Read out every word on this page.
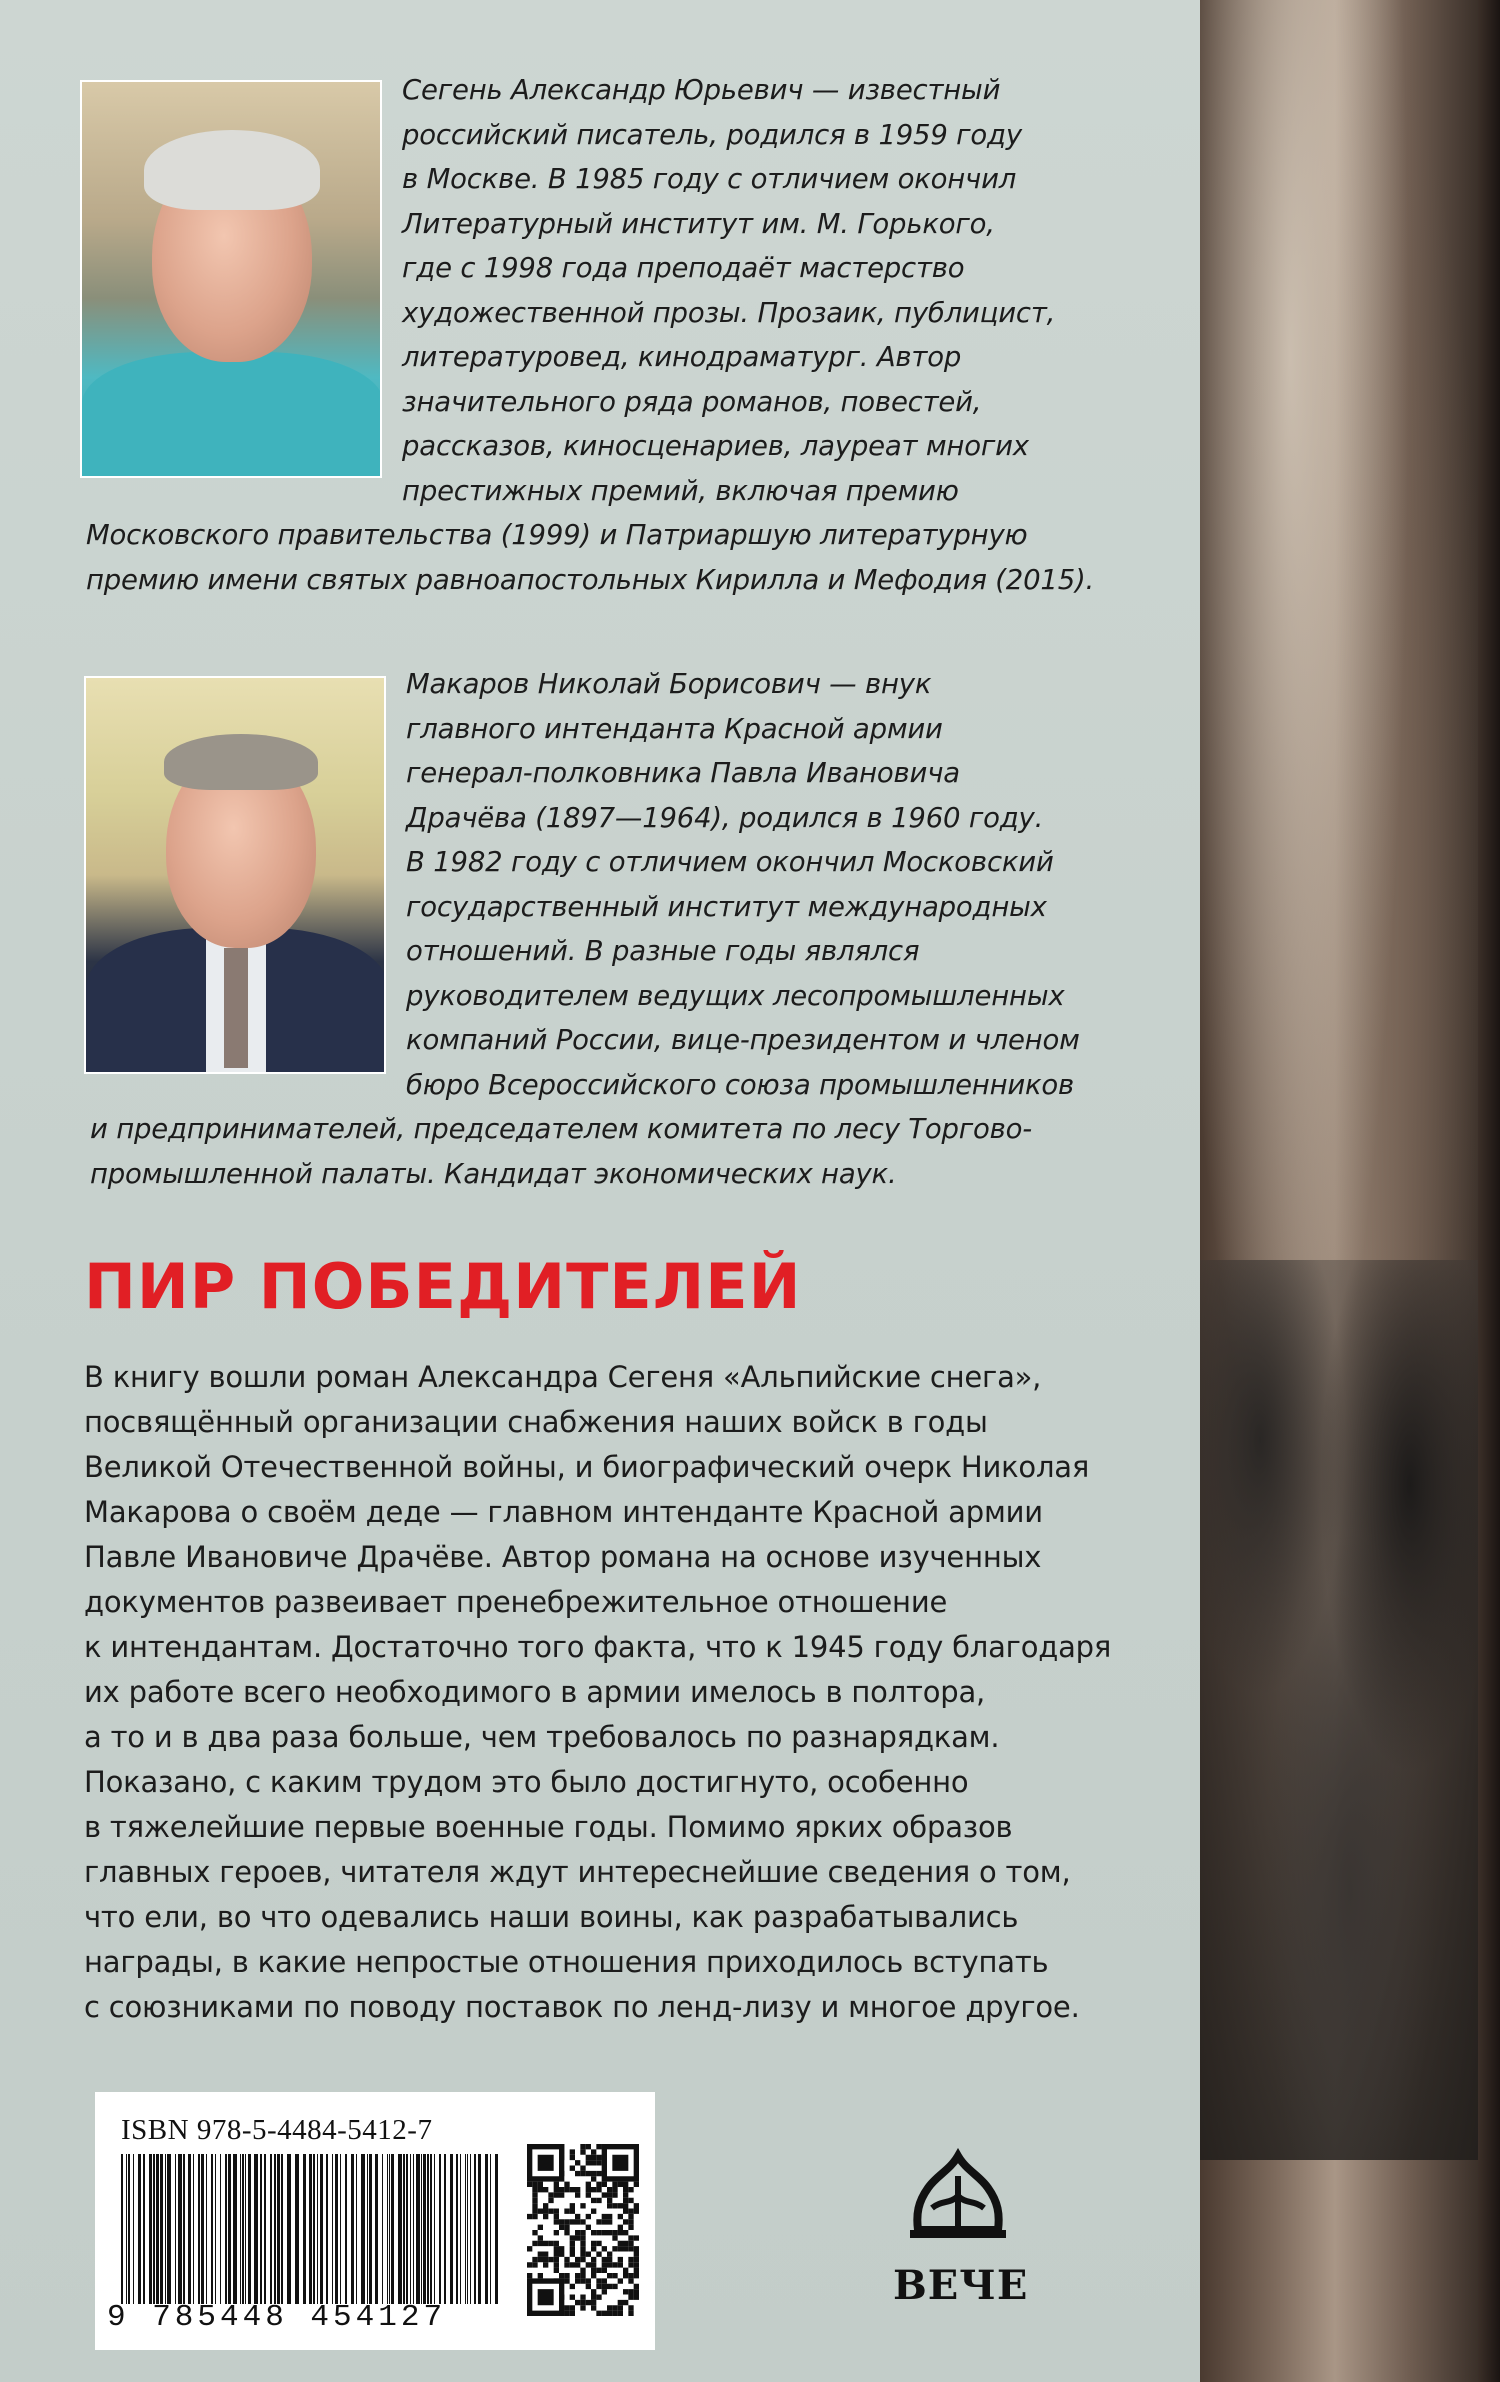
Сегень Александр Юрьевич — известный
российский писатель, родился в 1959 году
в Москве. В 1985 году с отличием окончил
Литературный институт им. М. Горького,
где с 1998 года преподаёт мастерство
художественной прозы. Прозаик, публицист,
литературовед, кинодраматург. Автор
значительного ряда романов, повестей,
рассказов, киносценариев, лауреат многих
престижных премий, включая премию
Московского правительства (1999) и Патриаршую литературную
премию имени святых равноапостольных Кирилла и Мефодия (2015).
Макаров Николай Борисович — внук
главного интенданта Красной армии
генерал-полковника Павла Ивановича
Драчёва (1897—1964), родился в 1960 году.
В 1982 году с отличием окончил Московский
государственный институт международных
отношений. В разные годы являлся
руководителем ведущих лесопромышленных
компаний России, вице-президентом и членом
бюро Всероссийского союза промышленников
и предпринимателей, председателем комитета по лесу Торгово-
промышленной палаты. Кандидат экономических наук.
ПИР ПОБЕДИТЕЛЕЙ
В книгу вошли роман Александра Сегеня «Альпийские снега»,
посвящённый организации снабжения наших войск в годы
Великой Отечественной войны, и биографический очерк Николая
Макарова о своём деде — главном интенданте Красной армии
Павле Ивановиче Драчёве. Автор романа на основе изученных
документов развеивает пренебрежительное отношение
к интендантам. Достаточно того факта, что к 1945 году благодаря
их работе всего необходимого в армии имелось в полтора,
а то и в два раза больше, чем требовалось по разнарядкам.
Показано, с каким трудом это было достигнуто, особенно
в тяжелейшие первые военные годы. Помимо ярких образов
главных героев, читателя ждут интереснейшие сведения о том,
что ели, во что одевались наши воины, как разрабатывались
награды, в какие непростые отношения приходилось вступать
с союзниками по поводу поставок по ленд-лизу и многое другое.

ISBN 978-5-4484-5412-7

9 785448 454127

ВЕЧЕ
